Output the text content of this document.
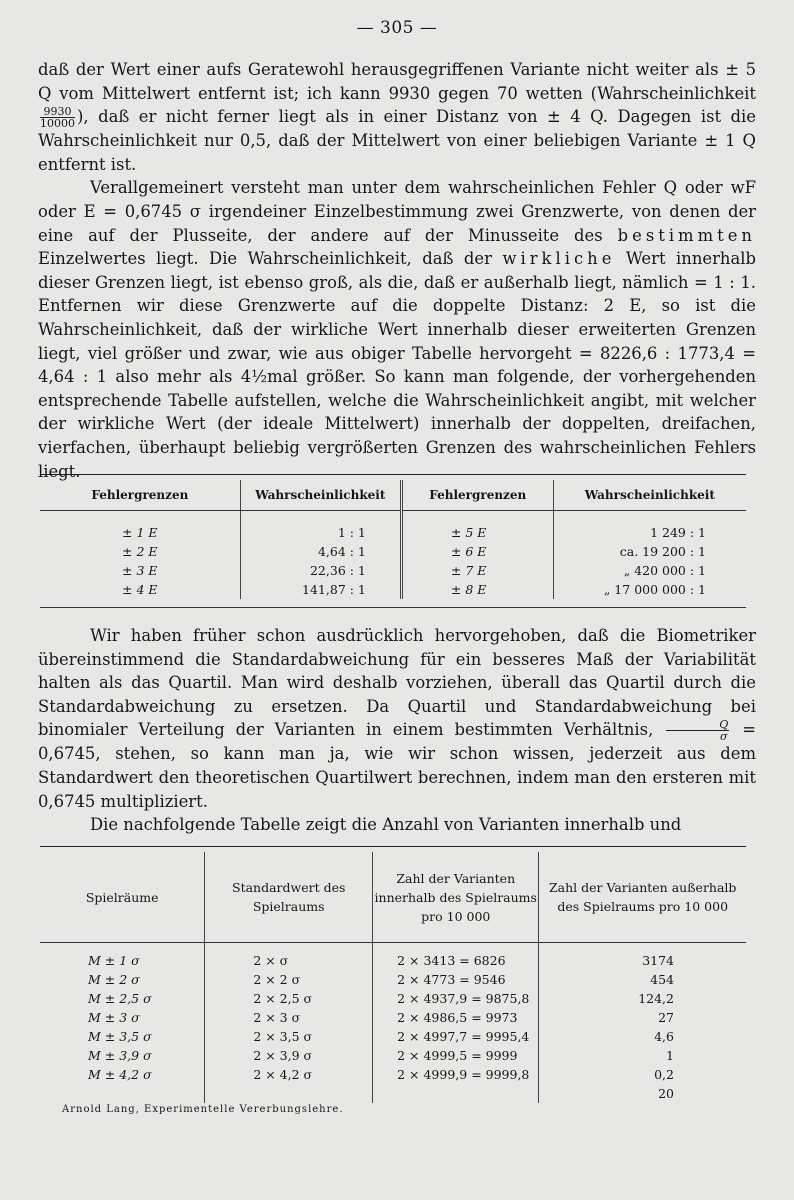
— 305 —

daß der Wert einer aufs Geratewohl herausgegriffenen Variante nicht weiter als ± 5 Q vom Mittelwert entfernt ist; ich kann 9930 gegen 70 wetten (Wahrscheinlichkeit
$\frac{9930}{10000}$ ), daß er nicht ferner liegt als in einer Distanz von ± 4 Q. Dagegen ist die Wahrscheinlichkeit nur 0,5, daß der Mittelwert von einer beliebigen Variante ± 1 Q entfernt ist.

Verallgemeinert versteht man unter dem wahrscheinlichen Fehler Q oder wF oder E = 0,6745 σ irgendeiner Einzelbestimmung zwei Grenzwerte, von denen der eine auf der Plusseite, der andere auf der Minusseite des bestimmten Einzelwertes liegt. Die Wahrscheinlichkeit, daß der wirkliche Wert innerhalb dieser Grenzen liegt, ist ebenso groß, als die, daß er außerhalb liegt, nämlich = 1 : 1. Entfernen wir diese Grenzwerte auf die doppelte Distanz: 2 E, so ist die Wahrscheinlichkeit, daß der wirkliche Wert innerhalb dieser erweiterten Grenzen liegt, viel größer und zwar, wie aus obiger Tabelle hervorgeht = 8226,6 : 1773,4 = 4,64 : 1 also mehr als 4½mal größer. So kann man folgende, der vorhergehenden entsprechende Tabelle aufstellen, welche die Wahrscheinlichkeit angibt, mit welcher der wirkliche Wert (der ideale Mittelwert) innerhalb der doppelten, dreifachen, vierfachen, überhaupt beliebig vergrößerten Grenzen des wahrscheinlichen Fehlers liegt.

Fehlergrenzen	Wahrscheinlichkeit	Fehlergrenzen	Wahrscheinlichkeit
± 1 E	1 : 1	± 5 E	1 249 : 1
± 2 E	4,64 : 1	± 6 E	ca. 19 200 : 1
± 3 E	22,36 : 1	± 7 E	„ 420 000 : 1
± 4 E	141,87 : 1	± 8 E	„ 17 000 000 : 1

Wir haben früher schon ausdrücklich hervorgehoben, daß die Biometriker übereinstimmend die Standardabweichung für ein besseres Maß der Variabilität halten als das Quartil. Man wird deshalb vorziehen, überall das Quartil durch die Standardabweichung zu ersetzen. Da Quartil und Standardabweichung bei binomialer Verteilung der Varianten in einem bestimmten Verhältnis, $\frac{Q}{\sigma} = 0,6745$, stehen, so kann man ja, wie wir schon wissen, jederzeit aus dem Standardwert den theoretischen Quartilwert berechnen, indem man den ersteren mit 0,6745 multipliziert.

Die nachfolgende Tabelle zeigt die Anzahl von Varianten innerhalb und

Spielräume	Standardwert des Spielraums	Zahl der Varianten innerhalb des Spielraums pro 10 000	Zahl der Varianten außerhalb des Spielraums pro 10 000
M ± 1 σ	2 × σ	2 × 3413 = 6826	3174
M ± 2 σ	2 × 2 σ	2 × 4773 = 9546	454
M ± 2,5 σ	2 × 2,5 σ	2 × 4937,9 = 9875,8	124,2
M ± 3 σ	2 × 3 σ	2 × 4986,5 = 9973	27
M ± 3,5 σ	2 × 3,5 σ	2 × 4997,7 = 9995,4	4,6
M ± 3,9 σ	2 × 3,9 σ	2 × 4999,5 = 9999	1
M ± 4,2 σ	2 × 4,2 σ	2 × 4999,9 = 9999,8	0,2
			20
Arnold Lang, Experimentelle Vererbungslehre.
